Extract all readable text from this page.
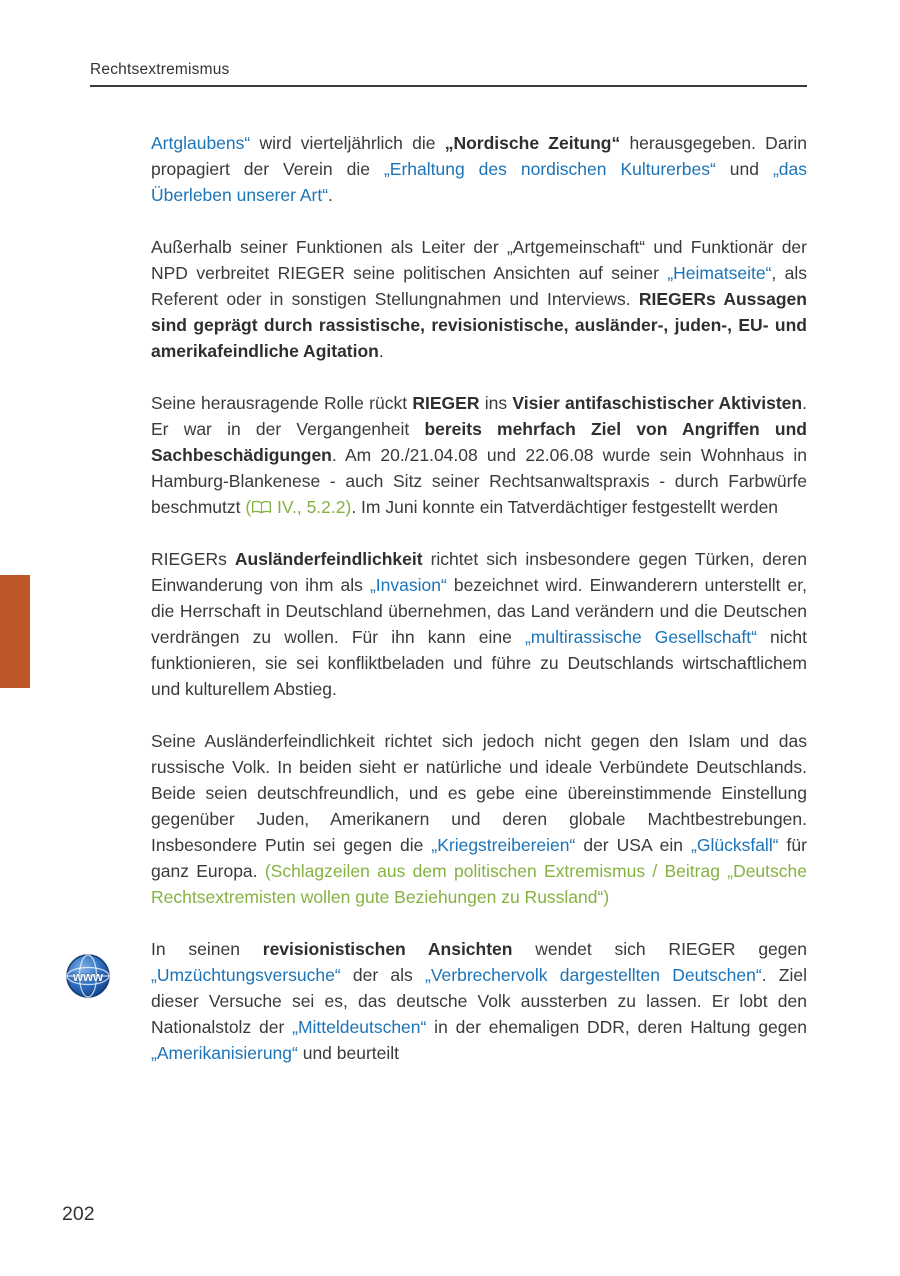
Rechtsextremismus
www

Artglaubens“ wird vierteljährlich die „Nordische Zeitung“ herausgegeben. Darin propagiert der Verein die „Erhaltung des nordischen Kulturerbes“ und „das Überleben unserer Art“.

Außerhalb seiner Funktionen als Leiter der „Artgemeinschaft“ und Funktionär der NPD verbreitet RIEGER seine politischen Ansichten auf seiner „Heimatseite“, als Referent oder in sonstigen Stellungnahmen und Interviews. RIEGERs Aussagen sind geprägt durch rassistische, revisionistische, ausländer-, juden-, EU- und amerikafeindliche Agitation.

Seine herausragende Rolle rückt RIEGER ins Visier antifaschistischer Aktivisten. Er war in der Vergangenheit bereits mehrfach Ziel von Angriffen und Sachbeschädigungen. Am 20./21.04.08 und 22.06.08 wurde sein Wohnhaus in Hamburg-Blankenese - auch Sitz seiner Rechtsanwaltspraxis - durch Farbwürfe beschmutzt ( IV., 5.2.2). Im Juni konnte ein Tatverdächtiger festgestellt werden

RIEGERs Ausländerfeindlichkeit richtet sich insbesondere gegen Türken, deren Einwanderung von ihm als „Invasion“ bezeichnet wird. Einwanderern unterstellt er, die Herrschaft in Deutschland übernehmen, das Land verändern und die Deutschen verdrängen zu wollen. Für ihn kann eine „multirassische Gesellschaft“ nicht funktionieren, sie sei konfliktbeladen und führe zu Deutschlands wirtschaftlichem und kulturellem Abstieg.

Seine Ausländerfeindlichkeit richtet sich jedoch nicht gegen den Islam und das russische Volk. In beiden sieht er natürliche und ideale Verbündete Deutschlands. Beide seien deutschfreundlich, und es gebe eine übereinstimmende Einstellung gegenüber Juden, Amerikanern und deren globale Machtbestrebungen. Insbesondere Putin sei gegen die „Kriegstreibereien“ der USA ein „Glücksfall“ für ganz Europa. (Schlagzeilen aus dem politischen Extremismus / Beitrag „Deutsche Rechtsextremisten wollen gute Beziehungen zu Russland“)

In seinen revisionistischen Ansichten wendet sich RIEGER gegen „Umzüchtungsversuche“ der als „Verbrechervolk dargestellten Deutschen“. Ziel dieser Versuche sei es, das deutsche Volk aussterben zu lassen. Er lobt den Nationalstolz der „Mitteldeutschen“ in der ehemaligen DDR, deren Haltung gegen „Amerikanisierung“ und beurteilt

202
